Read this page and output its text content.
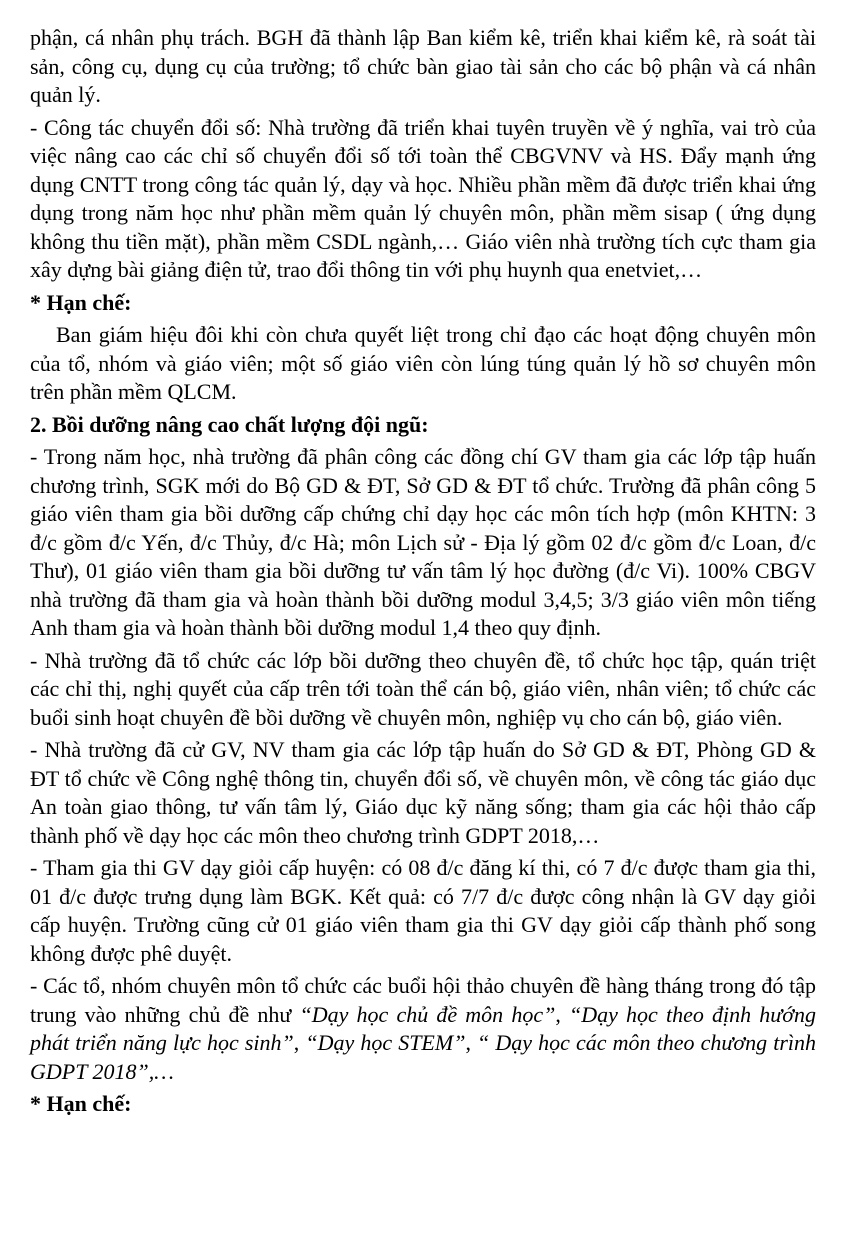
phận, cá nhân phụ trách. BGH đã thành lập Ban kiểm kê, triển khai kiểm kê, rà soát tài sản, công cụ, dụng cụ của trường; tổ chức bàn giao tài sản cho các bộ phận và cá nhân quản lý.

- Công tác chuyển đổi số: Nhà trường đã triển khai tuyên truyền về ý nghĩa, vai trò của việc nâng cao các chỉ số chuyển đổi số tới toàn thể CBGVNV và HS. Đẩy mạnh ứng dụng CNTT trong công tác quản lý, dạy và học. Nhiều phần mềm đã được triển khai ứng dụng trong năm học như phần mềm quản lý chuyên môn, phần mềm sisap ( ứng dụng không thu tiền mặt), phần mềm CSDL ngành,… Giáo viên nhà trường tích cực tham gia xây dựng bài giảng điện tử, trao đổi thông tin với phụ huynh qua enetviet,…

* Hạn chế:

Ban giám hiệu đôi khi còn chưa quyết liệt trong chỉ đạo các hoạt động chuyên môn của tổ, nhóm và giáo viên; một số giáo viên còn lúng túng quản lý hồ sơ chuyên môn trên phần mềm QLCM.

2. Bồi dưỡng nâng cao chất lượng đội ngũ:

- Trong năm học, nhà trường đã phân công các đồng chí GV tham gia các lớp tập huấn chương trình, SGK mới do Bộ GD & ĐT, Sở GD & ĐT tổ chức. Trường đã phân công 5 giáo viên tham gia bồi dưỡng cấp chứng chỉ dạy học các môn tích hợp (môn KHTN: 3 đ/c gồm đ/c Yến, đ/c Thủy, đ/c Hà; môn Lịch sử - Địa lý gồm 02 đ/c gồm đ/c Loan, đ/c Thư), 01 giáo viên tham gia bồi dưỡng tư vấn tâm lý học đường (đ/c Vi). 100% CBGV nhà trường đã tham gia và hoàn thành bồi dưỡng modul 3,4,5; 3/3 giáo viên môn tiếng Anh tham gia và hoàn thành bồi dưỡng modul 1,4 theo quy định.

- Nhà trường đã tổ chức các lớp bồi dưỡng theo chuyên đề, tổ chức học tập, quán triệt các chỉ thị, nghị quyết của cấp trên tới toàn thể cán bộ, giáo viên, nhân viên; tổ chức các buổi sinh hoạt chuyên đề bồi dưỡng về chuyên môn, nghiệp vụ cho cán bộ, giáo viên.

- Nhà trường đã cử GV, NV tham gia các lớp tập huấn do Sở GD & ĐT, Phòng GD & ĐT tổ chức về Công nghệ thông tin, chuyển đổi số, về chuyên môn, về công tác giáo dục An toàn giao thông, tư vấn tâm lý, Giáo dục kỹ năng sống; tham gia các hội thảo cấp thành phố về dạy học các môn theo chương trình GDPT 2018,…

- Tham gia thi GV dạy giỏi cấp huyện: có 08 đ/c đăng kí thi, có 7 đ/c được tham gia thi, 01 đ/c được trưng dụng làm BGK. Kết quả: có 7/7 đ/c được công nhận là GV dạy giỏi cấp huyện. Trường cũng cử 01 giáo viên tham gia thi GV dạy giỏi cấp thành phố song không được phê duyệt.

- Các tổ, nhóm chuyên môn tổ chức các buổi hội thảo chuyên đề hàng tháng trong đó tập trung vào những chủ đề như “Dạy học chủ đề môn học”, “Dạy học theo định hướng phát triển năng lực học sinh”, “Dạy học STEM”, “ Dạy học các môn theo chương trình GDPT 2018”,…

* Hạn chế:
